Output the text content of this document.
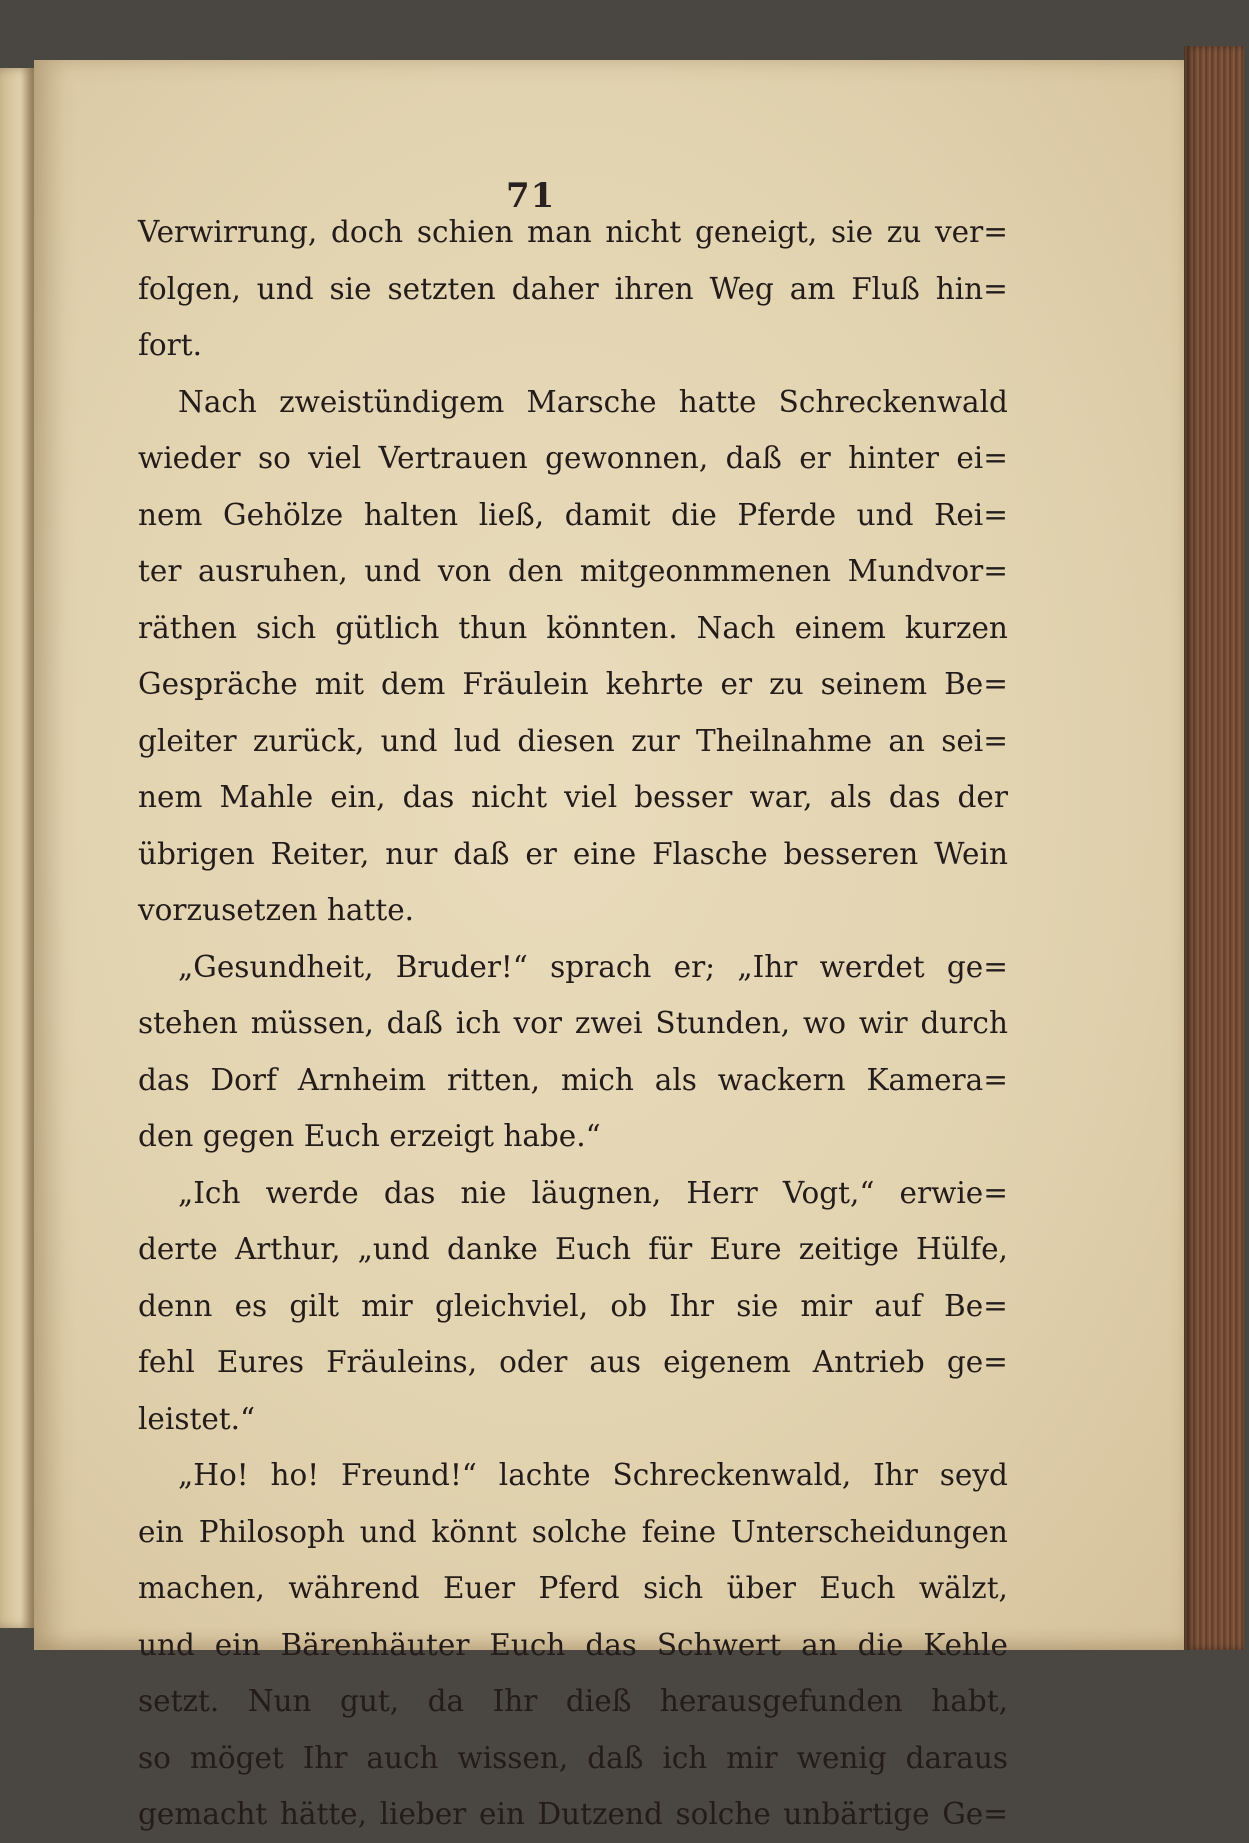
71
Verwirrung, doch schien man nicht geneigt, sie zu ver=
folgen, und sie setzten daher ihren Weg am Fluß hin=
fort.
Nach zweistündigem Marsche hatte Schreckenwald
wieder so viel Vertrauen gewonnen, daß er hinter ei=
nem Gehölze halten ließ, damit die Pferde und Rei=
ter ausruhen, und von den mitgeonmmenen Mundvor=
räthen sich gütlich thun könnten. Nach einem kurzen
Gespräche mit dem Fräulein kehrte er zu seinem Be=
gleiter zurück, und lud diesen zur Theilnahme an sei=
nem Mahle ein, das nicht viel besser war, als das der
übrigen Reiter, nur daß er eine Flasche besseren Wein
vorzusetzen hatte.
„Gesundheit, Bruder!“ sprach er; „Ihr werdet ge=
stehen müssen, daß ich vor zwei Stunden, wo wir durch
das Dorf Arnheim ritten, mich als wackern Kamera=
den gegen Euch erzeigt habe.“
„Ich werde das nie läugnen, Herr Vogt,“ erwie=
derte Arthur, „und danke Euch für Eure zeitige Hülfe,
denn es gilt mir gleichviel, ob Ihr sie mir auf Be=
fehl Eures Fräuleins, oder aus eigenem Antrieb ge=
leistet.“
„Ho! ho! Freund!“ lachte Schreckenwald, Ihr seyd
ein Philosoph und könnt solche feine Unterscheidungen
machen, während Euer Pferd sich über Euch wälzt,
und ein Bärenhäuter Euch das Schwert an die Kehle
setzt. Nun gut, da Ihr dieß herausgefunden habt,
so möget Ihr auch wissen, daß ich mir wenig daraus
gemacht hätte, lieber ein Dutzend solche unbärtige Ge=
